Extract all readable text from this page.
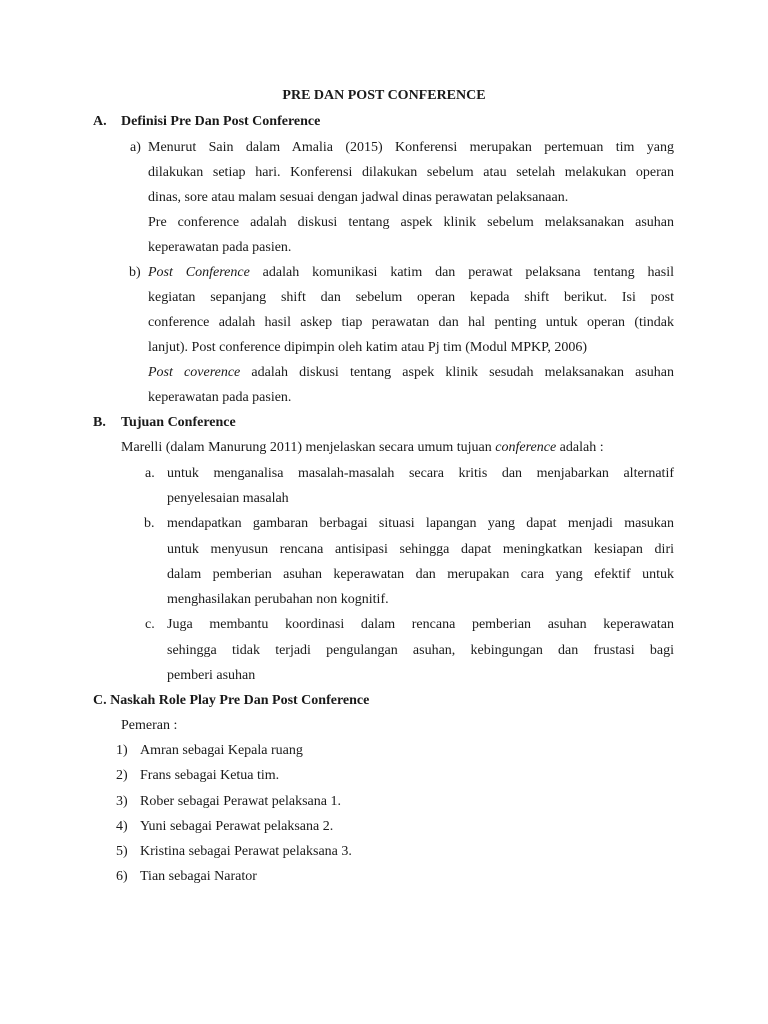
PRE DAN POST CONFERENCE
A. Definisi Pre Dan Post Conference
a) Menurut Sain dalam Amalia (2015) Konferensi merupakan pertemuan tim yang
dilakukan setiap hari. Konferensi dilakukan sebelum atau setelah melakukan operan
dinas, sore atau malam sesuai dengan jadwal dinas perawatan pelaksanaan.
Pre conference adalah diskusi tentang aspek klinik sebelum melaksanakan asuhan
keperawatan pada pasien.
b) Post Conference adalah komunikasi katim dan perawat pelaksana tentang hasil
kegiatan sepanjang shift dan sebelum operan kepada shift berikut. Isi post
conference adalah hasil askep tiap perawatan dan hal penting untuk operan (tindak
lanjut). Post conference dipimpin oleh katim atau Pj tim (Modul MPKP, 2006)
Post coverence adalah diskusi tentang aspek klinik sesudah melaksanakan asuhan
keperawatan pada pasien.
B. Tujuan Conference
Marelli (dalam Manurung 2011) menjelaskan secara umum tujuan conference adalah :
a. untuk menganalisa masalah-masalah secara kritis dan menjabarkan alternatif
penyelesaian masalah
b. mendapatkan gambaran berbagai situasi lapangan yang dapat menjadi masukan
untuk menyusun rencana antisipasi sehingga dapat meningkatkan kesiapan diri
dalam pemberian asuhan keperawatan dan merupakan cara yang efektif untuk
menghasilakan perubahan non kognitif.
c. Juga membantu koordinasi dalam rencana pemberian asuhan keperawatan
sehingga tidak terjadi pengulangan asuhan, kebingungan dan frustasi bagi
pemberi asuhan
C. Naskah Role Play Pre Dan Post Conference
Pemeran :
1) Amran sebagai Kepala ruang
2) Frans sebagai Ketua tim.
3) Rober sebagai Perawat pelaksana 1.
4) Yuni sebagai Perawat pelaksana 2.
5) Kristina sebagai Perawat pelaksana 3.
6) Tian sebagai Narator
